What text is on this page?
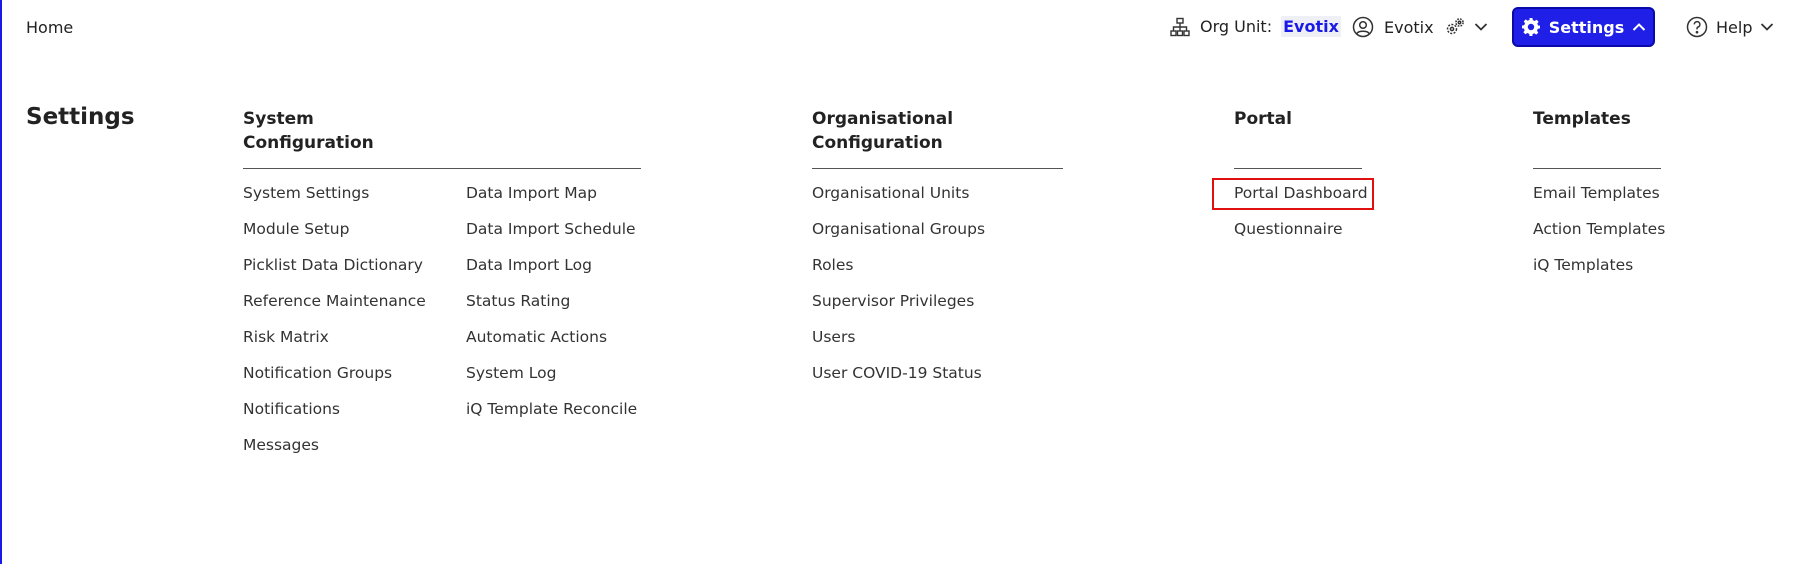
Home	Org Unit: Evotix	Evotix	Settings	Help
Settings	System
Configuration
System Settings
Module Setup
Picklist Data Dictionary
Reference Maintenance
Risk Matrix
Notification Groups
Notifications
Messages
Data Import Map
Data Import Schedule
Data Import Log
Status Rating
Automatic Actions
System Log
iQ Template Reconcile
Organisational
Configuration
Organisational Units
Organisational Groups
Roles
Supervisor Privileges
Users
User COVID-19 Status
Portal
Portal Dashboard
Questionnaire
Templates
Email Templates
Action Templates
iQ Templates
